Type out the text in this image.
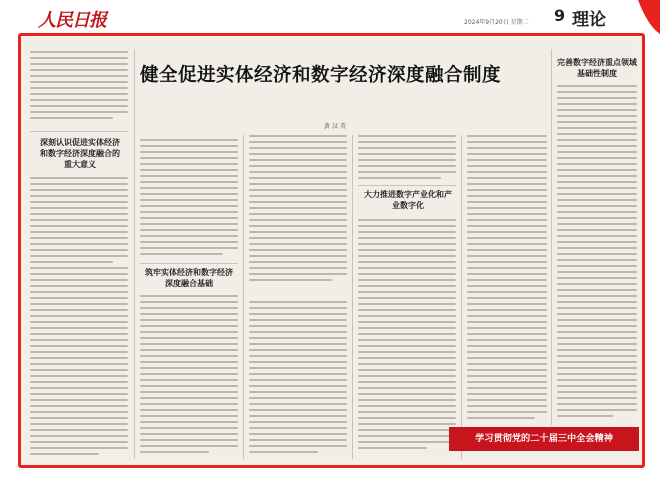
人民日报	2024年9月20日 星期二 9 理论
健全促进实体经济和数字经济深度融合制度
黄汉英
深刻认识促进实体经济和数字经济深度融合的重大意义
筑牢实体经济和数字经济深度融合基础
大力推进数字产业化和产业数字化
完善数字经济重点领域基础性制度
学习贯彻党的二十届三中全会精神
